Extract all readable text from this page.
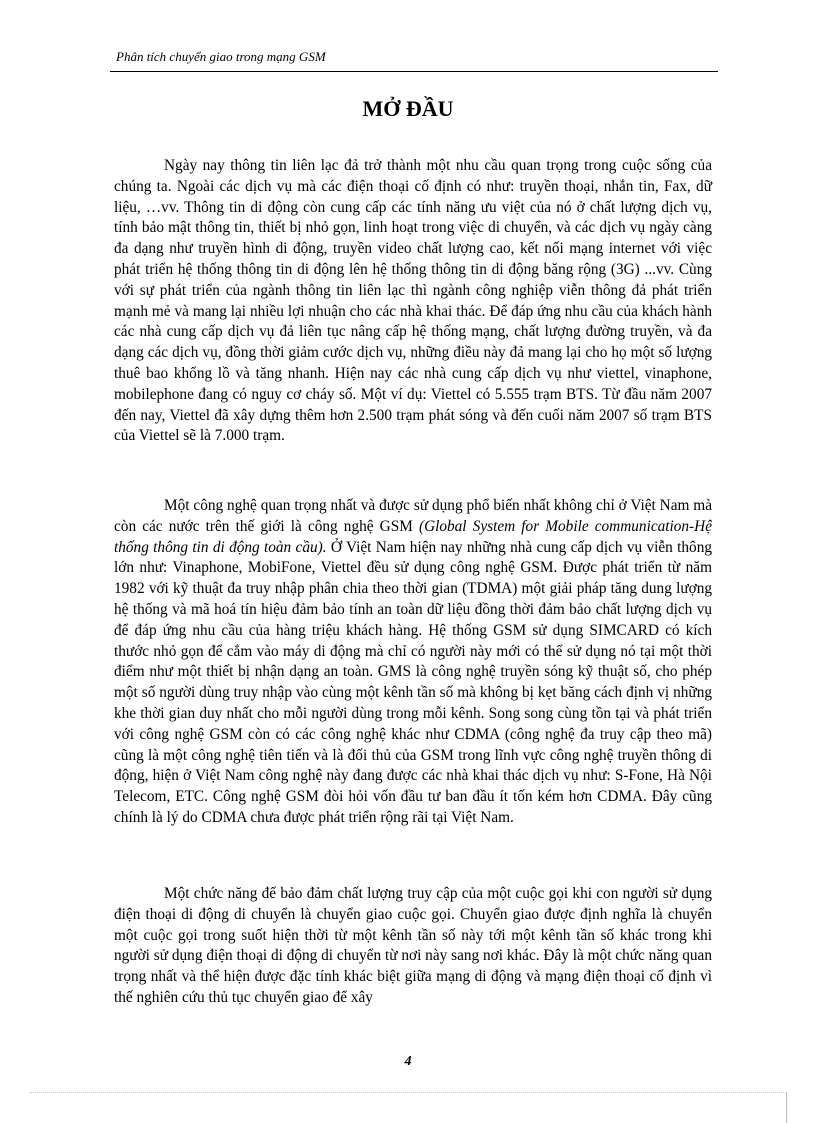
Phân tích chuyển giao trong mạng GSM
MỞ ĐẦU

Ngày nay thông tin liên lạc đả trở thành một nhu cầu quan trọng trong cuộc sống của chúng ta. Ngoài các dịch vụ mà các điện thoại cố định có như: truyền thoại, nhắn tin, Fax, dữ liệu, …vv. Thông tin di động còn cung cấp các tính năng ưu việt của nó ở chất lượng dịch vụ, tính bảo mật thông tin, thiết bị nhỏ gọn, linh hoạt trong việc di chuyển, và các dịch vụ ngày càng đa dạng như truyền hình di động, truyền video chất lượng cao, kết nối mạng internet với việc phát triển hệ thống thông tin di động lên hệ thống thông tin di động băng rộng (3G) ...vv. Cùng với sự phát triển của ngành thông tin liên lạc thì ngành công nghiệp viễn thông đả phát triển mạnh mẻ và mang lại nhiều lợi nhuận cho các nhà khai thác. Để đáp ứng nhu cầu của khách hành các nhà cung cấp dịch vụ đả liên tục nâng cấp hệ thống mạng, chất lượng đường truyền, và đa dạng các dịch vụ, đồng thời giảm cước dịch vụ, những điều này đả mang lại cho họ một số lượng thuê bao khổng lồ và tăng nhanh. Hiện nay các nhà cung cấp dịch vụ như viettel, vinaphone, mobilephone đang có nguy cơ cháy số. Một ví dụ: Viettel có 5.555 trạm BTS. Từ đầu năm 2007 đến nay, Viettel đã xây dựng thêm hơn 2.500 trạm phát sóng và đến cuối năm 2007 số trạm BTS của Viettel sẽ là 7.000 trạm.

Một công nghệ quan trọng nhất và được sử dụng phổ biến nhất không chỉ ở Việt Nam mà còn các nước trên thế giới là công nghệ GSM (Global System for Mobile communication-Hệ thống thông tin di động toàn cầu). Ở Việt Nam hiện nay những nhà cung cấp dịch vụ viễn thông lớn như: Vinaphone, MobiFone, Viettel đều sử dụng công nghệ GSM. Được phát triển từ năm 1982 với kỹ thuật đa truy nhập phân chia theo thời gian (TDMA) một giải pháp tăng dung lượng hệ thống và mã hoá tín hiệu đảm bảo tính an toàn dữ liệu đồng thời đảm bảo chất lượng dịch vụ để đáp ứng nhu cầu của hàng triệu khách hàng. Hệ thống GSM sử dụng SIMCARD có kích thước nhỏ gọn để cắm vào máy di động mà chỉ có người này mới có thể sử dụng nó tại một thời điểm như một thiết bị nhận dạng an toàn. GMS là công nghệ truyền sóng kỹ thuật số, cho phép một số người dùng truy nhập vào cùng một kênh tần số mà không bị kẹt băng cách định vị những khe thời gian duy nhất cho mỗi người dùng trong mỗi kênh. Song song cùng tồn tại và phát triển với công nghệ GSM còn có các công nghệ khác như CDMA (công nghệ đa truy cập theo mã) cũng là một công nghệ tiên tiến và là đối thủ của GSM trong lĩnh vực công nghệ truyền thông di động, hiện ở Việt Nam công nghệ này đang được các nhà khai thác dịch vụ như: S-Fone, Hà Nội Telecom, ETC. Công nghệ GSM đòi hỏi vốn đầu tư ban đầu ít tốn kém hơn CDMA. Đây cũng chính là lý do CDMA chưa được phát triển rộng rãi tại Việt Nam.

Một chức năng để bảo đảm chất lượng truy cập của một cuộc gọi khi con người sử dụng điện thoại di động di chuyển là chuyển giao cuộc gọi. Chuyển giao được định nghĩa là chuyển một cuộc gọi trong suốt hiện thời từ một kênh tần số này tới một kênh tần số khác trong khi người sử dụng điện thoại di động di chuyển từ nơi này sang nơi khác. Đây là một chức năng quan trọng nhất và thể hiện được đặc tính khác biệt giữa mạng di động và mạng điện thoại cố định vì thế nghiên cứu thủ tục chuyển giao để xây

4
